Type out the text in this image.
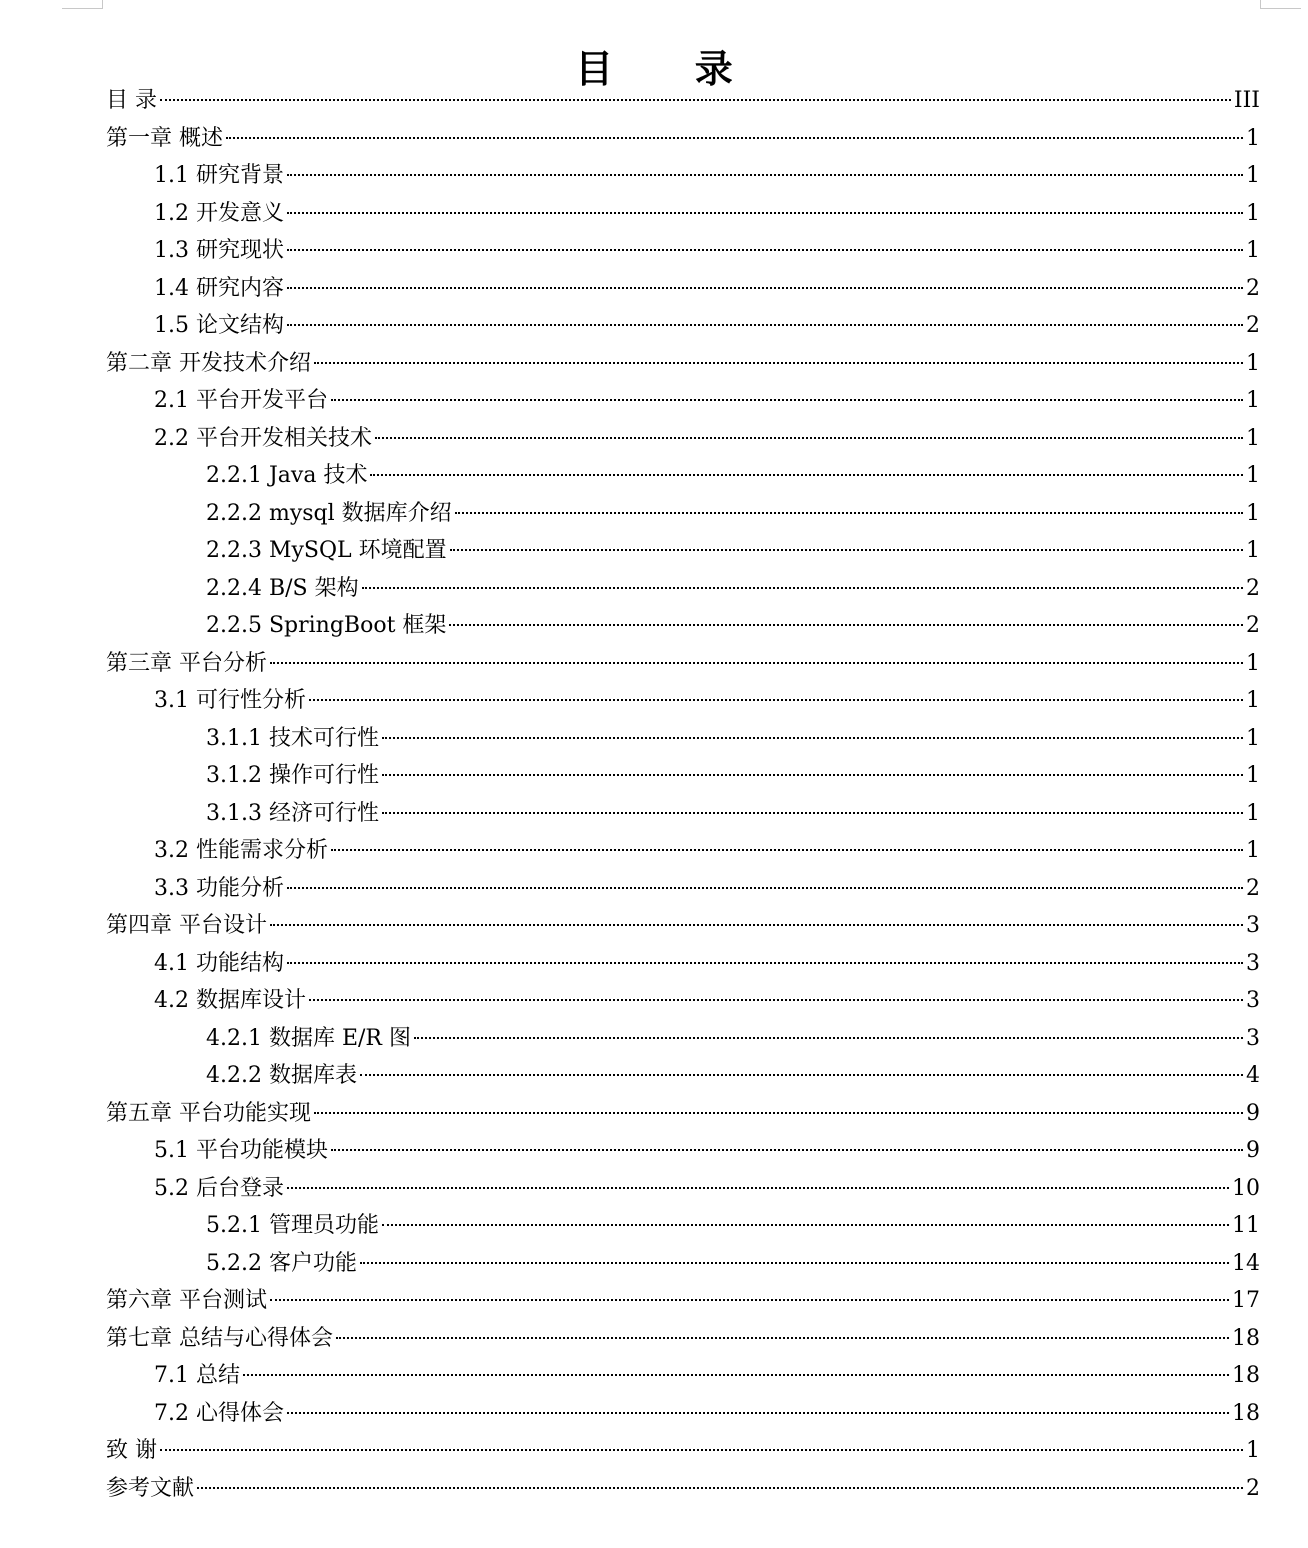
目 录
目 录	III
第一章 概述	1
1.1 研究背景	1
1.2 开发意义	1
1.3 研究现状	1
1.4 研究内容	2
1.5 论文结构	2
第二章 开发技术介绍	1
2.1 平台开发平台	1
2.2 平台开发相关技术	1
2.2.1 Java 技术	1
2.2.2 mysql 数据库介绍	1
2.2.3 MySQL 环境配置	1
2.2.4 B/S 架构	2
2.2.5 SpringBoot 框架	2
第三章 平台分析	1
3.1 可行性分析	1
3.1.1 技术可行性	1
3.1.2 操作可行性	1
3.1.3 经济可行性	1
3.2 性能需求分析	1
3.3 功能分析	2
第四章 平台设计	3
4.1 功能结构	3
4.2 数据库设计	3
4.2.1 数据库 E/R 图	3
4.2.2 数据库表	4
第五章 平台功能实现	9
5.1 平台功能模块	9
5.2 后台登录	10
5.2.1 管理员功能	11
5.2.2 客户功能	14
第六章 平台测试	17
第七章 总结与心得体会	18
7.1 总结	18
7.2 心得体会	18
致 谢	1
参考文献	2
